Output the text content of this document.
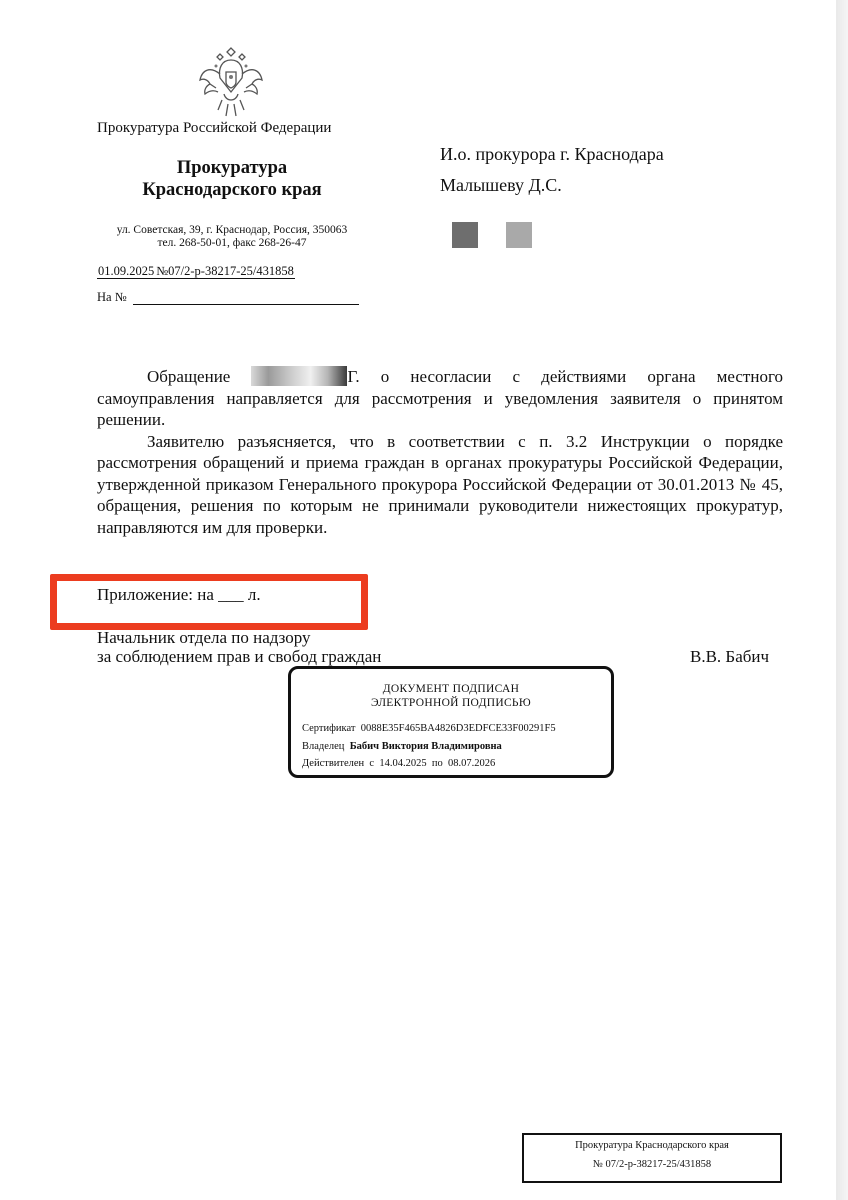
Прокуратура Российской Федерации
Прокуратура
Краснодарского края
ул. Советская, 39, г. Краснодар, Россия, 350063
тел. 268-50-01, факс 268-26-47
01.09.2025 №07/2-р-38217-25/431858
На №
И.о. прокурора г. Краснодара
Малышеву Д.С.

Обращение	Г. о несогласии с действиями органа местного самоуправления направляется для рассмотрения и уведомления заявителя о принятом решении.

Заявителю разъясняется, что в соответствии с п. 3.2 Инструкции о порядке рассмотрения обращений и приема граждан в органах прокуратуры Российской Федерации, утвержденной приказом Генерального прокурора Российской Федерации от 30.01.2013 № 45, обращения, решения по которым не принимали руководители нижестоящих прокуратур, направляются им для проверки.

Приложение: на ___ л.
Начальник отдела по надзору
за соблюдением прав и свобод граждан	В.В. Бабич
ДОКУМЕНТ ПОДПИСАН
ЭЛЕКТРОННОЙ ПОДПИСЬЮ
Сертификат 0088E35F465BA4826D3EDFCE33F00291F5
Владелец Бабич Виктория Владимировна
Действителен с 14.04.2025 по 08.07.2026
Прокуратура Краснодарского края
№ 07/2-р-38217-25/431858
